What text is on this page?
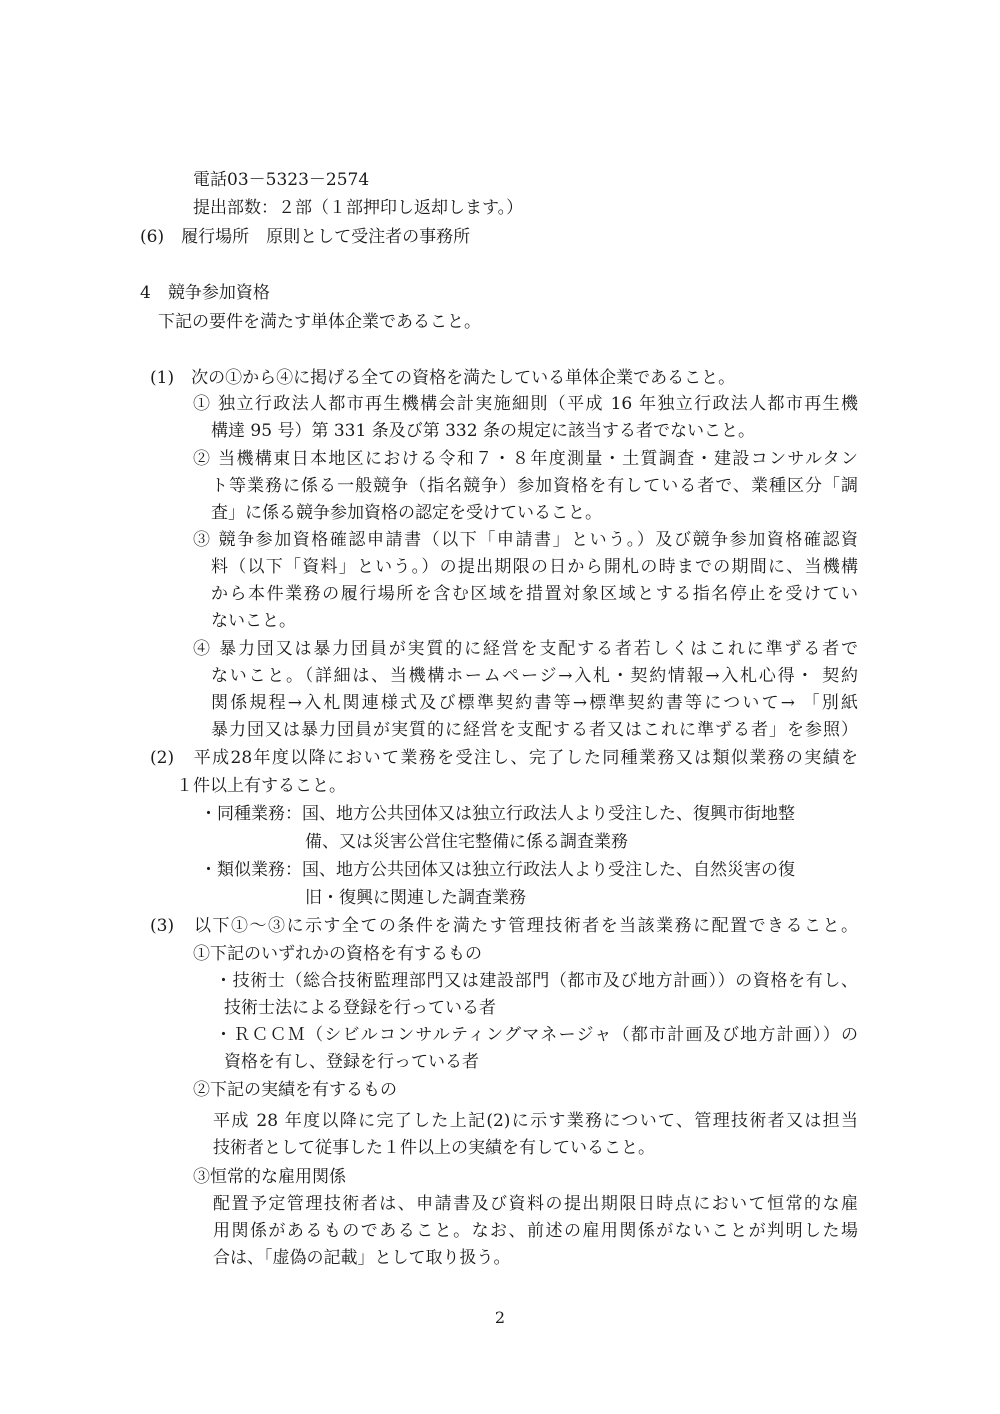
電話03－5323－2574
提出部数：２部（１部押印し返却します。）
(6)　履行場所　原則として受注者の事務所
4　競争参加資格
下記の要件を満たす単体企業であること。
(1)　次の①から④に掲げる全ての資格を満たしている単体企業であること。
① 独立行政法人都市再生機構会計実施細則（平成 16 年独立行政法人都市再生機
構達 95 号）第 331 条及び第 332 条の規定に該当する者でないこと。
② 当機構東日本地区における令和７・８年度測量・土質調査・建設コンサルタン
ト等業務に係る一般競争（指名競争）参加資格を有している者で、業種区分「調
査」に係る競争参加資格の認定を受けていること。
③ 競争参加資格確認申請書（以下「申請書」という。）及び競争参加資格確認資
料（以下「資料」という。）の提出期限の日から開札の時までの期間に、当機構
から本件業務の履行場所を含む区域を措置対象区域とする指名停止を受けてい
ないこと。
④ 暴力団又は暴力団員が実質的に経営を支配する者若しくはこれに準ずる者で
ないこと。（詳細は、当機構ホームページ→入札・契約情報→入札心得・ 契約
関係規程→入札関連様式及び標準契約書等→標準契約書等について→ 「別紙
暴力団又は暴力団員が実質的に経営を支配する者又はこれに準ずる者」を参照）
(2)　平成28年度以降において業務を受注し、完了した同種業務又は類似業務の実績を
１件以上有すること。
・同種業務：国、地方公共団体又は独立行政法人より受注した、復興市街地整
備、又は災害公営住宅整備に係る調査業務
・類似業務：国、地方公共団体又は独立行政法人より受注した、自然災害の復
旧・復興に関連した調査業務
(3)　以下①～③に示す全ての条件を満たす管理技術者を当該業務に配置できること。
①下記のいずれかの資格を有するもの
・技術士（総合技術監理部門又は建設部門（都市及び地方計画））の資格を有し、
技術士法による登録を行っている者
・ＲＣＣＭ（シビルコンサルティングマネージャ（都市計画及び地方計画））の
資格を有し、登録を行っている者
②下記の実績を有するもの
平成 28 年度以降に完了した上記(2)に示す業務について、管理技術者又は担当
技術者として従事した１件以上の実績を有していること。
③恒常的な雇用関係
配置予定管理技術者は、申請書及び資料の提出期限日時点において恒常的な雇
用関係があるものであること。なお、前述の雇用関係がないことが判明した場
合は、「虚偽の記載」として取り扱う。
2
